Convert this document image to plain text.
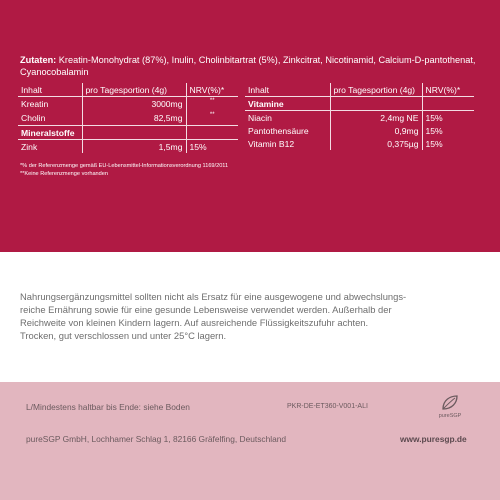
Zutaten: Kreatin-Monohydrat (87%), Inulin, Cholinbitartrat (5%), Zinkcitrat, Nicotinamid, Calcium-D-pantothenat, Cyanocobalamin
Inhalt	pro Tagesportion (4g)	NRV(%)*
Kreatin	3000mg	**
Cholin	82,5mg	**
Mineralstoffe		
Zink	1,5mg	15%
Inhalt	pro Tagesportion (4g)	NRV(%)*
Vitamine		
Niacin	2,4mg NE	15%
Pantothensäure	0,9mg	15%
Vitamin B12	0,375µg	15%
*% der Referenzmenge gemäß EU-Lebensmittel-Informationsverordnung 1169/2011
**Keine Referenzmenge vorhanden
Nahrungsergänzungsmittel sollten nicht als Ersatz für eine ausgewogene und abwechslungs-
reiche Ernährung sowie für eine gesunde Lebensweise verwendet werden. Außerhalb der
Reichweite von kleinen Kindern lagern. Auf ausreichende Flüssigkeitszufuhr achten.
Trocken, gut verschlossen und unter 25°C lagern.
L/Mindestens haltbar bis Ende: siehe Boden	PKR-DE-ET360-V001-ALI
pureSGP
pureSGP GmbH, Lochhamer Schlag 1, 82166 Gräfelfing, Deutschland	www.puresgp.de
